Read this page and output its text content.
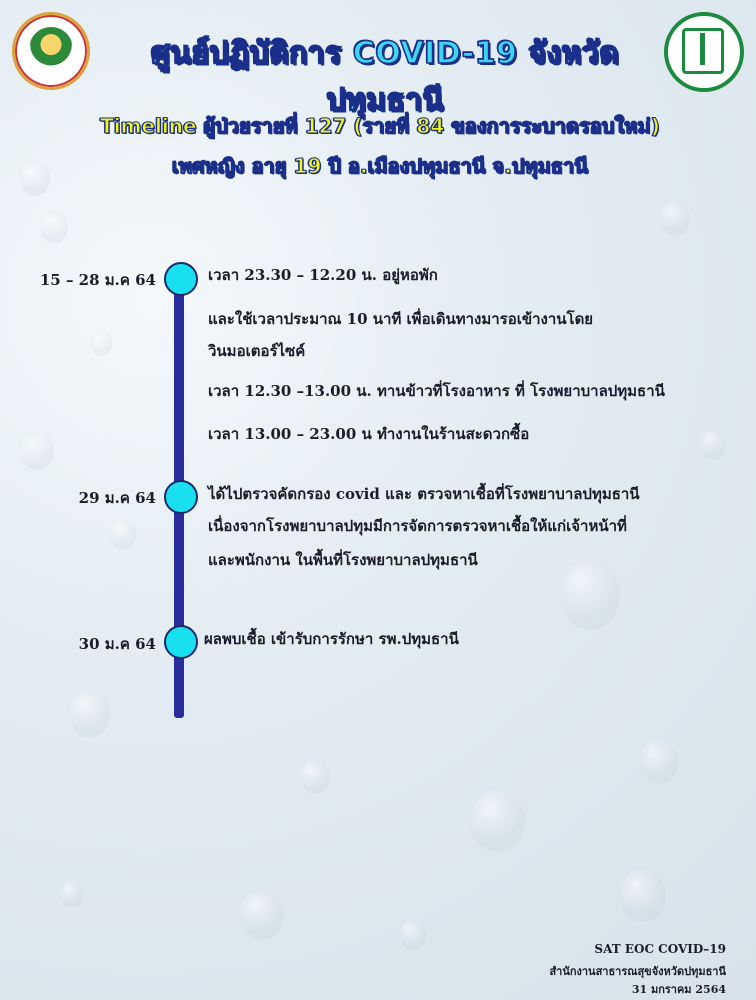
ศูนย์ปฏิบัติการ COVID-19 จังหวัดปทุมธานี
Timeline ผู้ป่วยรายที่ 127 (รายที่ 84 ของการระบาดรอบใหม่)
เพศหญิง อายุ 19 ปี อ.เมืองปทุมธานี จ.ปทุมธานี
15 – 28 ม.ค 64	เวลา 23.30 – 12.20 น. อยู่หอพัก
และใช้เวลาประมาณ 10 นาที เพื่อเดินทางมารอเข้างานโดย
วินมอเตอร์ไซค์
เวลา 12.30 –13.00 น. ทานข้าวที่โรงอาหาร ที่ โรงพยาบาลปทุมธานี
เวลา 13.00 – 23.00 น ทำงานในร้านสะดวกซื้อ
29 ม.ค 64	ได้ไปตรวจคัดกรอง covid และ ตรวจหาเชื้อที่โรงพยาบาลปทุมธานี
เนื่องจากโรงพยาบาลปทุมมีการจัดการตรวจหาเชื้อให้แก่เจ้าหน้าที่
และพนักงาน ในพื้นที่โรงพยาบาลปทุมธานี
30 ม.ค 64	ผลพบเชื้อ เข้ารับการรักษา รพ.ปทุมธานี
SAT EOC COVID–19
สำนักงานสาธารณสุขจังหวัดปทุมธานี
31 มกราคม 2564
